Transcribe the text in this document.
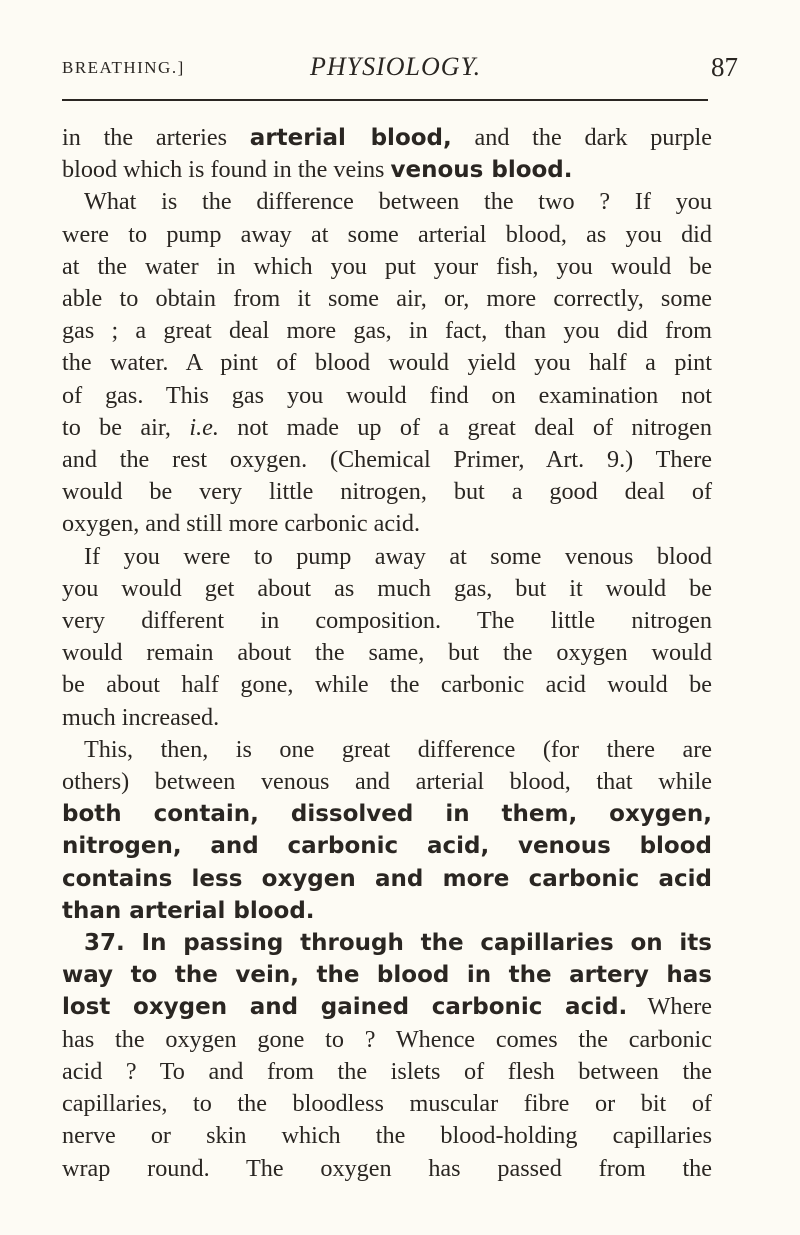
BREATHING.]	PHYSIOLOGY.	87
in the arteries arterial blood, and the dark purple
blood which is found in the veins venous blood.
What is the difference between the two ? If you
were to pump away at some arterial blood, as you did
at the water in which you put your fish, you would be
able to obtain from it some air, or, more correctly, some
gas ; a great deal more gas, in fact, than you did from
the water. A pint of blood would yield you half a pint
of gas. This gas you would find on examination not
to be air, i.e. not made up of a great deal of nitrogen
and the rest oxygen. (Chemical Primer, Art. 9.) There
would be very little nitrogen, but a good deal of
oxygen, and still more carbonic acid.
If you were to pump away at some venous blood
you would get about as much gas, but it would be
very different in composition. The little nitrogen
would remain about the same, but the oxygen would
be about half gone, while the carbonic acid would be
much increased.
This, then, is one great difference (for there are
others) between venous and arterial blood, that while
both contain, dissolved in them, oxygen,
nitrogen, and carbonic acid, venous blood
contains less oxygen and more carbonic acid
than arterial blood.
37. In passing through the capillaries on its
way to the vein, the blood in the artery has
lost oxygen and gained carbonic acid. Where
has the oxygen gone to ? Whence comes the carbonic
acid ? To and from the islets of flesh between the
capillaries, to the bloodless muscular fibre or bit of
nerve or skin which the blood-holding capillaries
wrap round. The oxygen has passed from the
